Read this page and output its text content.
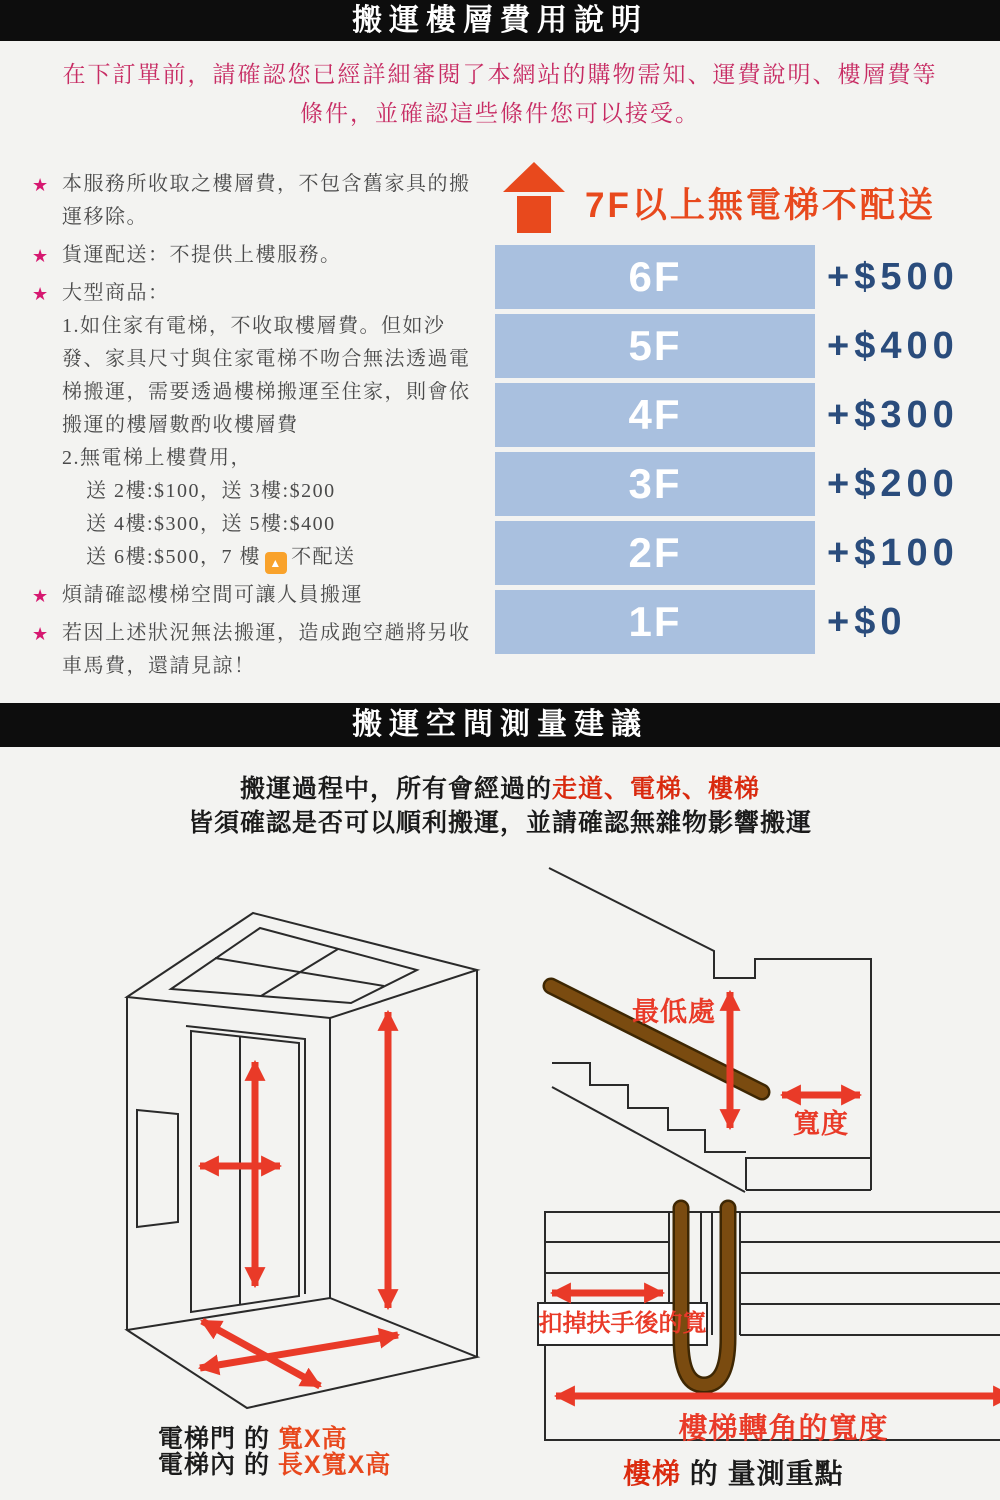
搬運樓層費用說明
在下訂單前，請確認您已經詳細審閱了本網站的購物需知、運費說明、樓層費等
條件，並確認這些條件您可以接受。
★ 本服務所收取之樓層費，不包含舊家具的搬運移除。
★ 貨運配送：不提供上樓服務。
★ 大型商品：
1.如住家有電梯，不收取樓層費。但如沙發、家具尺寸與住家電梯不吻合無法透過電梯搬運，需要透過樓梯搬運至住家，則會依搬運的樓層數酌收樓層費
2.無電梯上樓費用，
送 2樓:$100，送 3樓:$200
送 4樓:$300，送 5樓:$400
送 6樓:$500，7 樓 ▲ 不配送
★ 煩請確認樓梯空間可讓人員搬運
★ 若因上述狀況無法搬運，造成跑空趟將另收車馬費，還請見諒！
7F以上無電梯不配送
6F	+$500
5F	+$400
4F	+$300
3F	+$200
2F	+$100
1F	+$0
搬運空間測量建議
搬運過程中，所有會經過的走道、電梯、樓梯
皆須確認是否可以順利搬運，並請確認無雜物影響搬運
最低處
寬度
扣掉扶手後的寬
樓梯轉角的寬度
樓梯 的 量測重點
電梯門 的 寬X高
電梯內 的 長X寬X高
